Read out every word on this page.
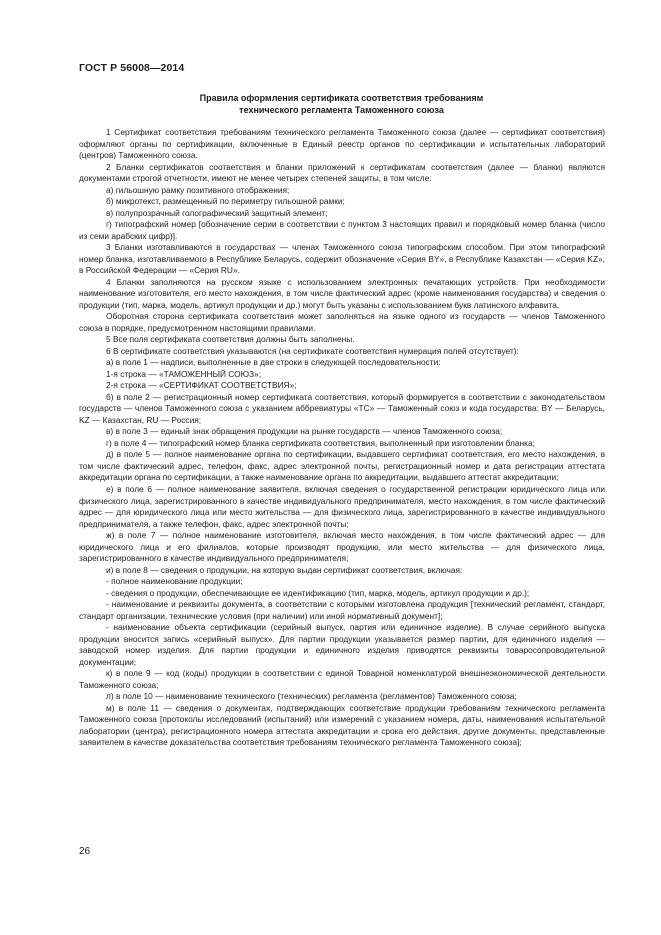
ГОСТ Р 56008—2014
Правила оформления сертификата соответствия требованиям
технического регламента Таможенного союза

1 Сертификат соответствия требованиям технического регламента Таможенного союза (далее — сертификат соответствия) оформляют органы по сертификации, включенные в Единый реестр органов по сертификации и испытательных лабораторий (центров) Таможенного союза.

2 Бланки сертификатов соответствия и бланки приложений к сертификатам соответствия (далее — бланки) являются документами строгой отчетности, имеют не менее четырех степеней защиты, в том числе:

а) гильошную рамку позитивного отображения;

б) микротекст, размещенный по периметру гильошной рамки;

в) полупрозрачный голографический защитный элемент;

г) типографский номер [обозначение серии в соответствии с пунктом 3 настоящих правил и порядковый номер бланка (число из семи арабских цифр)].

3 Бланки изготавливаются в государствах — членах Таможенного союза типографским способом. При этом типографский номер бланка, изготавливаемого в Республике Беларусь, содержит обозначение «Серия BY», в Республике Казахстан — «Серия KZ», в Российской Федерации — «Серия RU».

4 Бланки заполняются на русском языке с использованием электронных печатающих устройств. При необходимости наименование изготовителя, его место нахождения, в том числе фактический адрес (кроме наименования государства) и сведения о продукции (тип, марка, модель, артикул продукции и др.) могут быть указаны с использованием букв латинского алфавита.

Оборотная сторона сертификата соответствия может заполняться на языке одного из государств — членов Таможенного союза в порядке, предусмотренном настоящими правилами.

5 Все поля сертификата соответствия должны быть заполнены.

6 В сертификате соответствия указываются (на сертификате соответствия нумерация полей отсутствует):

а) в поле 1 — надписи, выполненные в две строки в следующей последовательности:

1-я строка — «ТАМОЖЕННЫЙ СОЮЗ»;

2-я строка — «СЕРТИФИКАТ СООТВЕТСТВИЯ»;

б) в поле 2 — регистрационный номер сертификата соответствия, который формируется в соответствии с законодательством государств — членов Таможенного союза с указанием аббревиатуры «TC» — Таможенный союз и кода государства: BY — Беларусь, KZ — Казахстан, RU — Россия;

в) в поле 3 — единый знак обращения продукции на рынке государств — членов Таможенного союза;

г) в поле 4 — типографский номер бланка сертификата соответствия, выполненный при изготовлении бланка;

д) в поле 5 — полное наименование органа по сертификации, выдавшего сертификат соответствия, его место нахождения, в том числе фактический адрес, телефон, факс, адрес электронной почты, регистрационный номер и дата регистрации аттестата аккредитации органа по сертификации, а также наименование органа по аккредитации, выдавшего аттестат аккредитации;

е) в поле 6 — полное наименование заявителя, включая сведения о государственной регистрации юридического лица или физического лица, зарегистрированного в качестве индивидуального предпринимателя, место нахождения, в том числе фактический адрес — для юридического лица или место жительства — для физического лица, зарегистрированного в качестве индивидуального предпринимателя, а также телефон, факс, адрес электронной почты;

ж) в поле 7 — полное наименование изготовителя, включая место нахождения, в том числе фактический адрес — для юридического лица и его филиалов, которые производят продукцию, или место жительства — для физического лица, зарегистрированного в качестве индивидуального предпринимателя;

и) в поле 8 — сведения о продукции, на которую выдан сертификат соответствия, включая:

- полное наименование продукции;

- сведения о продукции, обеспечивающие ее идентификацию (тип, марка, модель, артикул продукции и др.);

- наименование и реквизиты документа, в соответствии с которыми изготовлена продукция [технический регламент, стандарт, стандарт организации, технические условия (при наличии) или иной нормативный документ];

- наименование объекта сертификации (серийный выпуск, партия или единичное изделие). В случае серийного выпуска продукции вносится запись «серийный выпуск». Для партии продукции указывается размер партии, для единичного изделия — заводской номер изделия. Для партии продукции и единичного изделия приводятся реквизиты товаросопроводительной документации;

к) в поле 9 — код (коды) продукции в соответствии с единой Товарной номенклатурой внешнеэкономической деятельности Таможенного союза;

л) в поле 10 — наименование технического (технических) регламента (регламентов) Таможенного союза;

м) в поле 11 — сведения о документах, подтверждающих соответствие продукции требованиям технического регламента Таможенного союза [протоколы исследований (испытаний) или измерений с указанием номера, даты, наименования испытательной лаборатории (центра), регистрационного номера аттестата аккредитации и срока его действия, другие документы, представленные заявителем в качестве доказательства соответствия требованиям технического регламента Таможенного союза];

26
